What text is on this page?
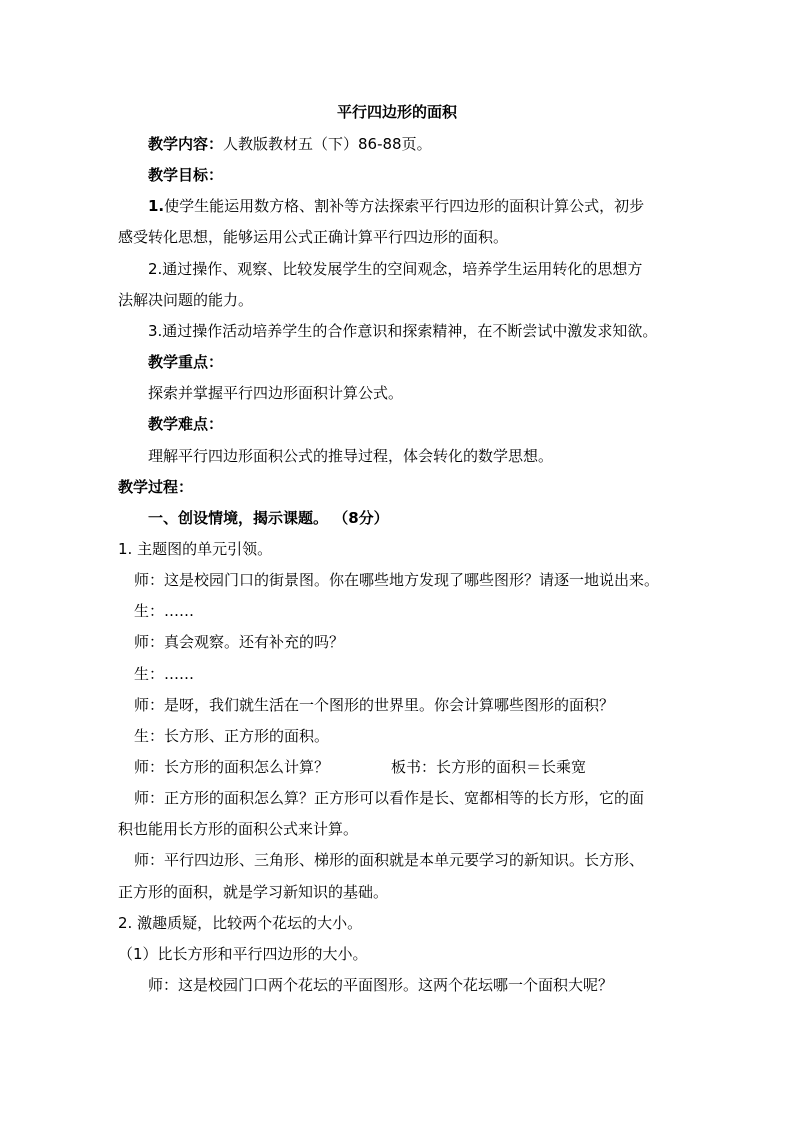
平行四边形的面积
教学内容：人教版教材五（下）86-88页。
教学目标：
1.使学生能运用数方格、割补等方法探索平行四边形的面积计算公式，初步
感受转化思想，能够运用公式正确计算平行四边形的面积。
2.通过操作、观察、比较发展学生的空间观念，培养学生运用转化的思想方
法解决问题的能力。
3.通过操作活动培养学生的合作意识和探索精神，在不断尝试中激发求知欲。
教学重点：
探索并掌握平行四边形面积计算公式。
教学难点：
理解平行四边形面积公式的推导过程，体会转化的数学思想。
教学过程：
一、创设情境，揭示课题。 （8分）
1. 主题图的单元引领。
师：这是校园门口的街景图。你在哪些地方发现了哪些图形？请逐一地说出来。
生：……
师：真会观察。还有补充的吗？
生：……
师：是呀，我们就生活在一个图形的世界里。你会计算哪些图形的面积？
生：长方形、正方形的面积。
师：长方形的面积怎么计算？	板书：长方形的面积＝长乘宽
师：正方形的面积怎么算？正方形可以看作是长、宽都相等的长方形，它的面
积也能用长方形的面积公式来计算。
师：平行四边形、三角形、梯形的面积就是本单元要学习的新知识。长方形、
正方形的面积，就是学习新知识的基础。
2. 激趣质疑，比较两个花坛的大小。
（1）比长方形和平行四边形的大小。
师：这是校园门口两个花坛的平面图形。这两个花坛哪一个面积大呢？
